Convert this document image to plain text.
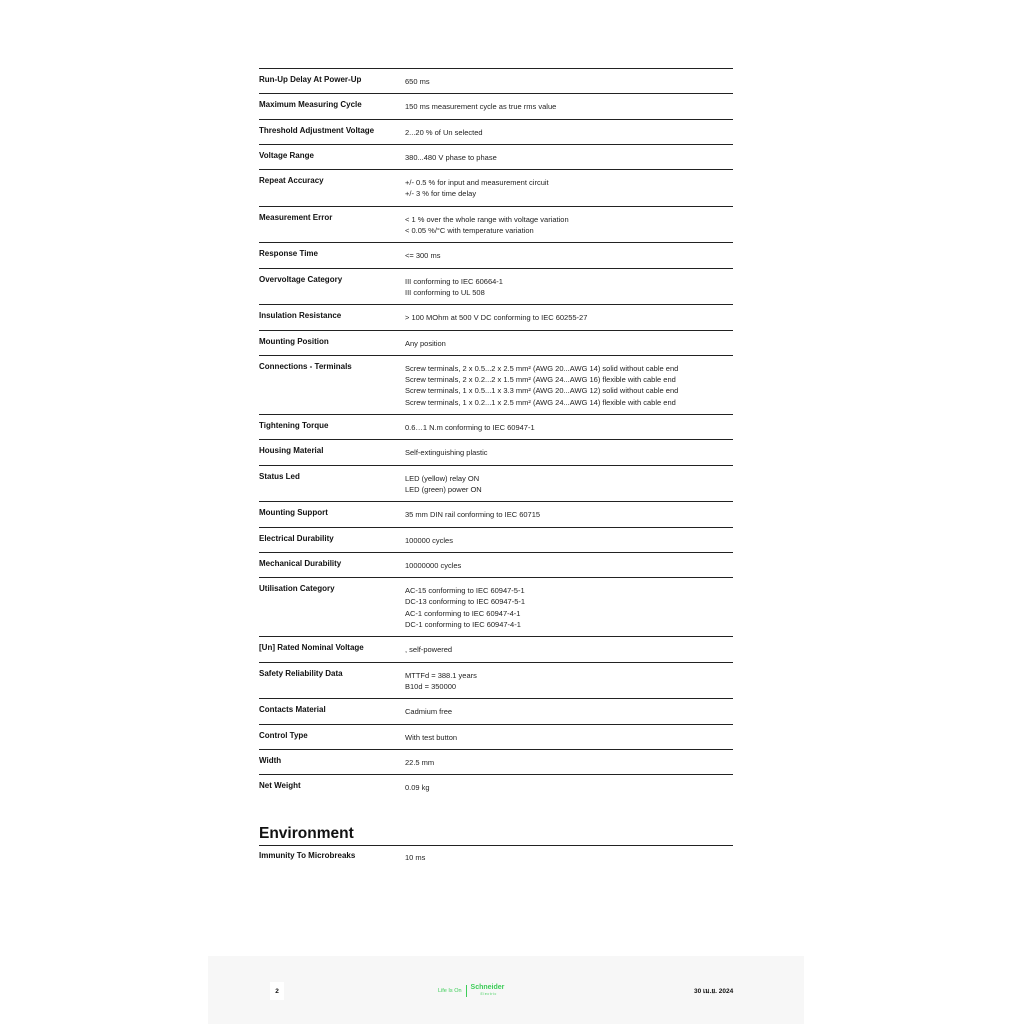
Run-Up Delay At Power-Up	650 ms
Maximum Measuring Cycle	150 ms measurement cycle as true rms value
Threshold Adjustment Voltage	2...20 % of Un selected
Voltage Range	380...480 V phase to phase
Repeat Accuracy	+/- 0.5 % for input and measurement circuit
+/- 3 % for time delay
Measurement Error	< 1 % over the whole range with voltage variation
< 0.05 %/°C with temperature variation
Response Time	<= 300 ms
Overvoltage Category	III conforming to IEC 60664-1
III conforming to UL 508
Insulation Resistance	> 100 MOhm at 500 V DC conforming to IEC 60255-27
Mounting Position	Any position
Connections - Terminals	Screw terminals, 2 x 0.5...2 x 2.5 mm² (AWG 20...AWG 14) solid without cable end
Screw terminals, 2 x 0.2...2 x 1.5 mm² (AWG 24...AWG 16) flexible with cable end
Screw terminals, 1 x 0.5...1 x 3.3 mm² (AWG 20...AWG 12) solid without cable end
Screw terminals, 1 x 0.2...1 x 2.5 mm² (AWG 24...AWG 14) flexible with cable end
Tightening Torque	0.6…1 N.m conforming to IEC 60947-1
Housing Material	Self-extinguishing plastic
Status Led	LED (yellow) relay ON
LED (green) power ON
Mounting Support	35 mm DIN rail conforming to IEC 60715
Electrical Durability	100000 cycles
Mechanical Durability	10000000 cycles
Utilisation Category	AC-15 conforming to IEC 60947-5-1
DC-13 conforming to IEC 60947-5-1
AC-1 conforming to IEC 60947-4-1
DC-1 conforming to IEC 60947-4-1
[Un] Rated Nominal Voltage	, self-powered
Safety Reliability Data	MTTFd = 388.1 years
B10d = 350000
Contacts Material	Cadmium free
Control Type	With test button
Width	22.5 mm
Net Weight	0.09 kg
Environment
Immunity To Microbreaks	10 ms
2	Life Is On Schneider
Electric	30 เม.ย. 2024
